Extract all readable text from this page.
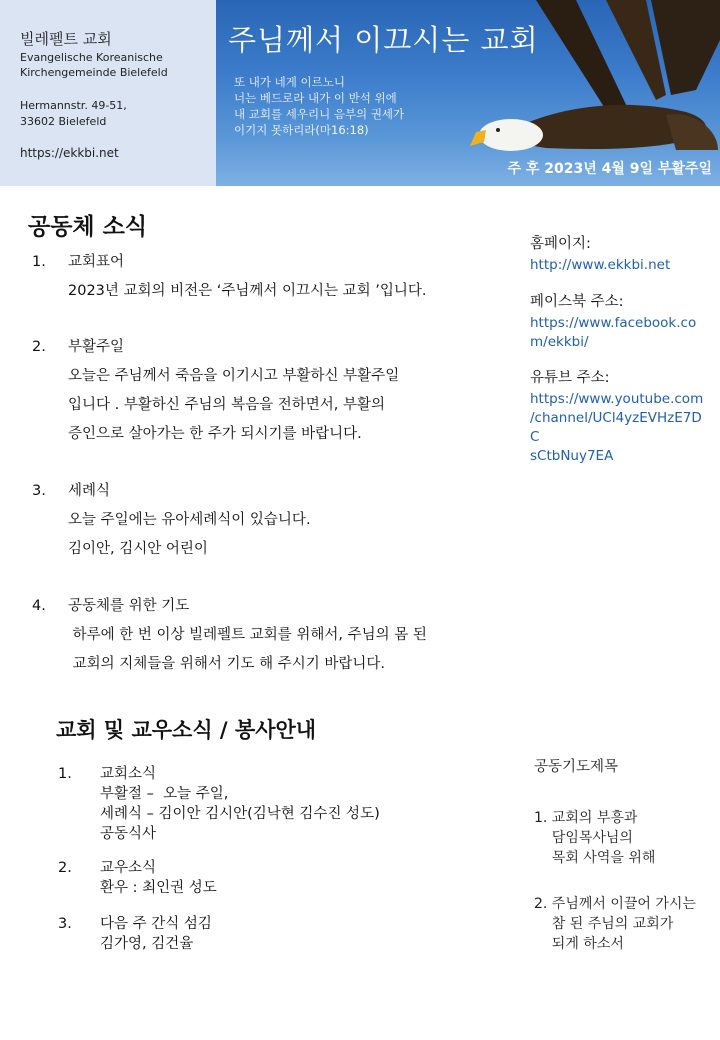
빌레펠트 교회
Evangelische Koreanische
Kirchengemeinde Bielefeld
Hermannstr. 49-51,
33602 Bielefeld
https://ekkbi.net
주님께서 이끄시는 교회
또 내가 네게 이르노니
너는 베드로라 내가 이 반석 위에
내 교회를 세우리니 음부의 권세가
이기지 못하리라(마16:18)
주 후 2023년 4월 9일 부활주일
공동체 소식
1.	교회표어
2023년 교회의 비전은 ‘주님께서 이끄시는 교회 ’입니다.
2.	부활주일
오늘은 주님께서 죽음을 이기시고 부활하신 부활주일
입니다 . 부활하신 주님의 복음을 전하면서, 부활의
증인으로 살아가는 한 주가 되시기를 바랍니다.
3.	세례식
오늘 주일에는 유아세례식이 있습니다.
김이안, 김시안 어린이
4.	공동체를 위한 기도
하루에 한 번 이상 빌레펠트 교회를 위해서, 주님의 몸 된
교회의 지체들을 위해서 기도 해 주시기 바랍니다.
홈페이지:
http://www.ekkbi.net
페이스북 주소:
https://www.facebook.co
m/ekkbi/
유튜브 주소:
https://www.youtube.com
/channel/UCl4yzEVHzE7DC
sCtbNuy7EA
교회 및 교우소식 / 봉사안내
1. 교회소식
부활절 –  오늘 주일,
세례식 – 김이안 김시안(김낙현 김수진 성도)
공동식사
2. 교우소식
환우 : 최인권 성도
3. 다음 주 간식 섬김
김가영, 김건율
공동기도제목
1. 교회의 부흥과
담임목사님의
목회 사역을 위해
2. 주님께서 이끌어 가시는
참 된 주님의 교회가
되게 하소서
